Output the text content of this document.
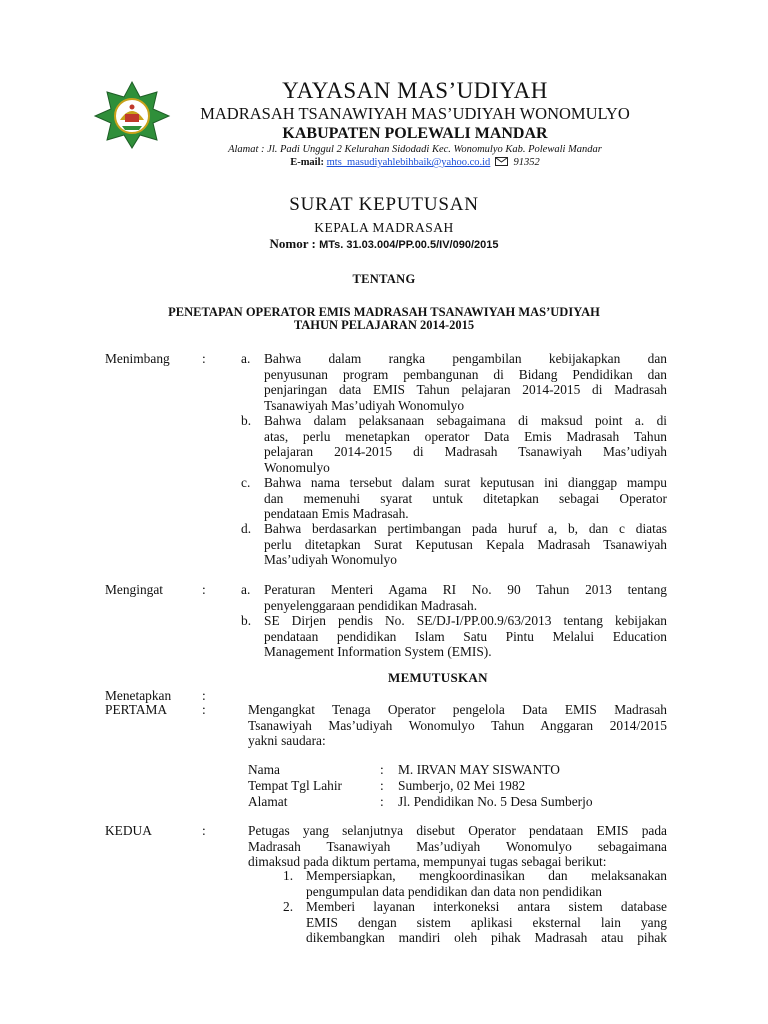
YAYASAN MAS’UDIYAH
MADRASAH TSANAWIYAH MAS’UDIYAH WONOMULYO
KABUPATEN POLEWALI MANDAR
Alamat : Jl. Padi Unggul 2 Kelurahan Sidodadi Kec. Wonomulyo Kab. Polewali Mandar
E-mail: mts_masudiyahlebihbaik@yahoo.co.id 91352
SURAT KEPUTUSAN
KEPALA MADRASAH
Nomor : MTs. 31.03.004/PP.00.5/IV/090/2015
TENTANG
PENETAPAN OPERATOR EMIS MADRASAH TSANAWIYAH MAS’UDIYAH
TAHUN PELAJARAN 2014-2015
Menimbang :	a. Bahwa dalam rangka pengambilan kebijakapkan dan
penyusunan program pembangunan di Bidang Pendidikan dan
penjaringan data EMIS Tahun pelajaran 2014-2015 di Madrasah
Tsanawiyah Mas’udiyah Wonomulyo
b. Bahwa dalam pelaksanaan sebagaimana di maksud point a. di
atas, perlu menetapkan operator Data Emis Madrasah Tahun
pelajaran 2014-2015 di Madrasah Tsanawiyah Mas’udiyah
Wonomulyo
c. Bahwa nama tersebut dalam surat keputusan ini dianggap mampu
dan memenuhi syarat untuk ditetapkan sebagai Operator
pendataan Emis Madrasah.
d. Bahwa berdasarkan pertimbangan pada huruf a, b, dan c diatas
perlu ditetapkan Surat Keputusan Kepala Madrasah Tsanawiyah
Mas’udiyah Wonomulyo
Mengingat	:	a. Peraturan Menteri Agama RI No. 90 Tahun 2013 tentang
penyelenggaraan pendidikan Madrasah.
b. SE Dirjen pendis No. SE/DJ-I/PP.00.9/63/2013 tentang kebijakan
pendataan pendidikan Islam Satu Pintu Melalui Education
Management Information System (EMIS).
MEMUTUSKAN
Menetapkan :
PERTAMA	:	Mengangkat Tenaga Operator pengelola Data EMIS Madrasah
Tsanawiyah Mas’udiyah Wonomulyo Tahun Anggaran 2014/2015
yakni saudara:
Nama	: M. IRVAN MAY SISWANTO
Tempat Tgl Lahir	: Sumberjo, 02 Mei 1982
Alamat	: Jl. Pendidikan No. 5 Desa Sumberjo
KEDUA	:	Petugas yang selanjutnya disebut Operator pendataan EMIS pada
Madrasah Tsanawiyah Mas’udiyah Wonomulyo sebagaimana
dimaksud pada diktum pertama, mempunyai tugas sebagai berikut:
1. Mempersiapkan, mengkoordinasikan dan melaksanakan
pengumpulan data pendidikan dan data non pendidikan
2. Memberi layanan interkoneksi antara sistem database
EMIS dengan sistem aplikasi eksternal lain yang
dikembangkan mandiri oleh pihak Madrasah atau pihak
